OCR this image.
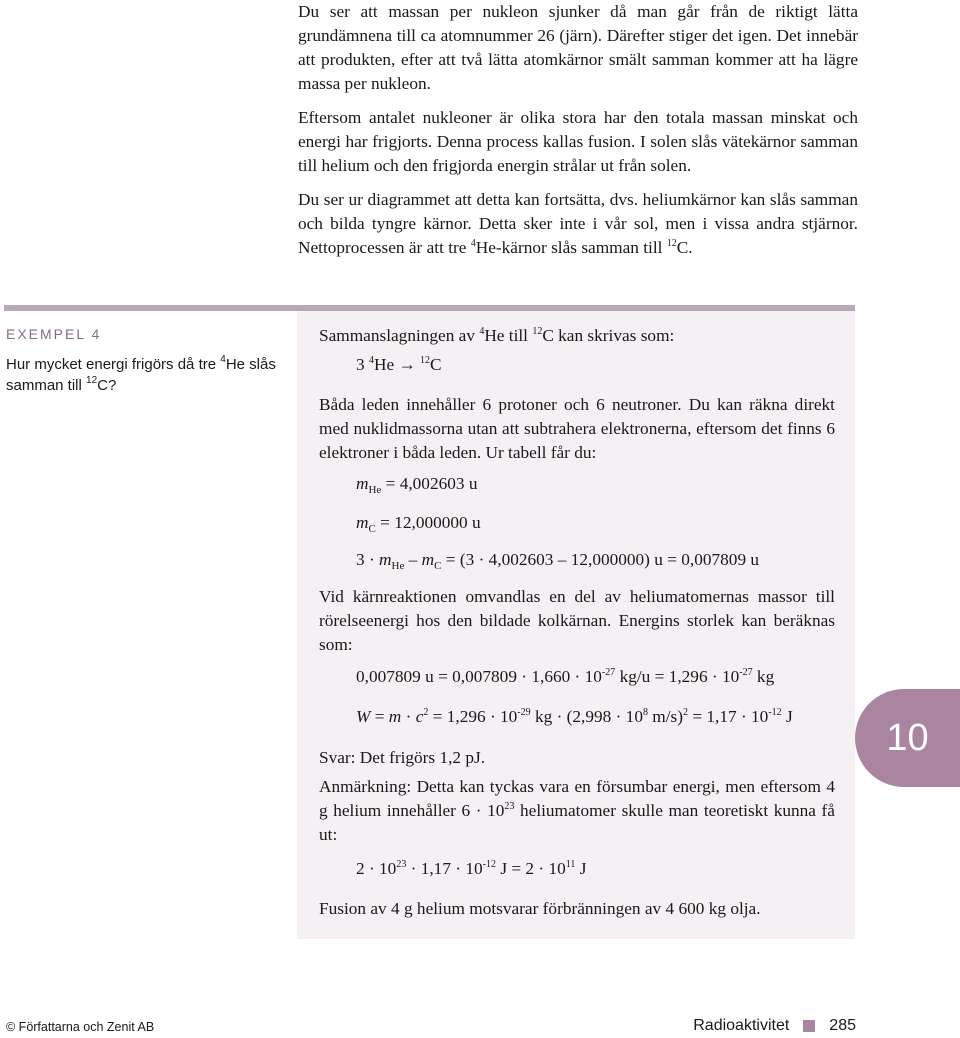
Du ser att massan per nukleon sjunker då man går från de riktigt lätta grundämnena till ca atomnummer 26 (järn). Därefter stiger det igen. Det innebär att produkten, efter att två lätta atomkärnor smält samman kommer att ha lägre massa per nukleon.

Eftersom antalet nukleoner är olika stora har den totala massan minskat och energi har frigjorts. Denna process kallas fusion. I solen slås vätekärnor samman till helium och den frigjorda energin strålar ut från solen.

Du ser ur diagrammet att detta kan fortsätta, dvs. heliumkärnor kan slås samman och bilda tyngre kärnor. Detta sker inte i vår sol, men i vissa andra stjärnor. Nettoprocessen är att tre $^4$He-kärnor slås samman till $^{12}$C.

EXEMPEL 4
Hur mycket energi frigörs då tre $^4$He slås samman till $^{12}$C?
Sammanslagningen av $^4$He till $^{12}$C kan skrivas som:
3 $^4$He → $^{12}$C
Båda leden innehåller 6 protoner och 6 neutroner. Du kan räkna direkt med nuklidmassorna utan att subtrahera elektronerna, eftersom det finns 6 elektroner i båda leden. Ur tabell får du:
$m_{He} = 4,002603$ u
$m_C = 12,000000$ u
$3 \cdot m_{He} - m_C = (3 \cdot 4,002603 - 12,000000) u = 0,007809$ u
Vid kärnreaktionen omvandlas en del av heliumatomernas massor till rörelseenergi hos den bildade kolkärnan. Energins storlek kan beräknas som:
0,007809 $u = 0,007809 \cdot 1,660 \cdot 10^{-27}$ $kg/u = 1,296 \cdot 10^{-27}$ kg
$W = m \cdot c^2 = 1,296 \cdot 10^{-29}$ kg · ($2,998 \cdot 10^8$ $m/s)^2 = 1,17 \cdot 10^{-12}$ J
Svar: Det frigörs 1,2 pJ.
Anmärkning: Detta kan tyckas vara en försumbar energi, men eftersom 4 g helium innehåller $6 \cdot 10^{23}$ heliumatomer skulle man teoretiskt kunna få ut:
$2 \cdot 10^{23} \cdot 1,17 \cdot 10^{-12}$ $J = 2 \cdot 10^{11}$ J
Fusion av 4 g helium motsvarar förbränningen av 4 600 kg olja.
10
© Författarna och Zenit AB	Radioaktivitet	285
